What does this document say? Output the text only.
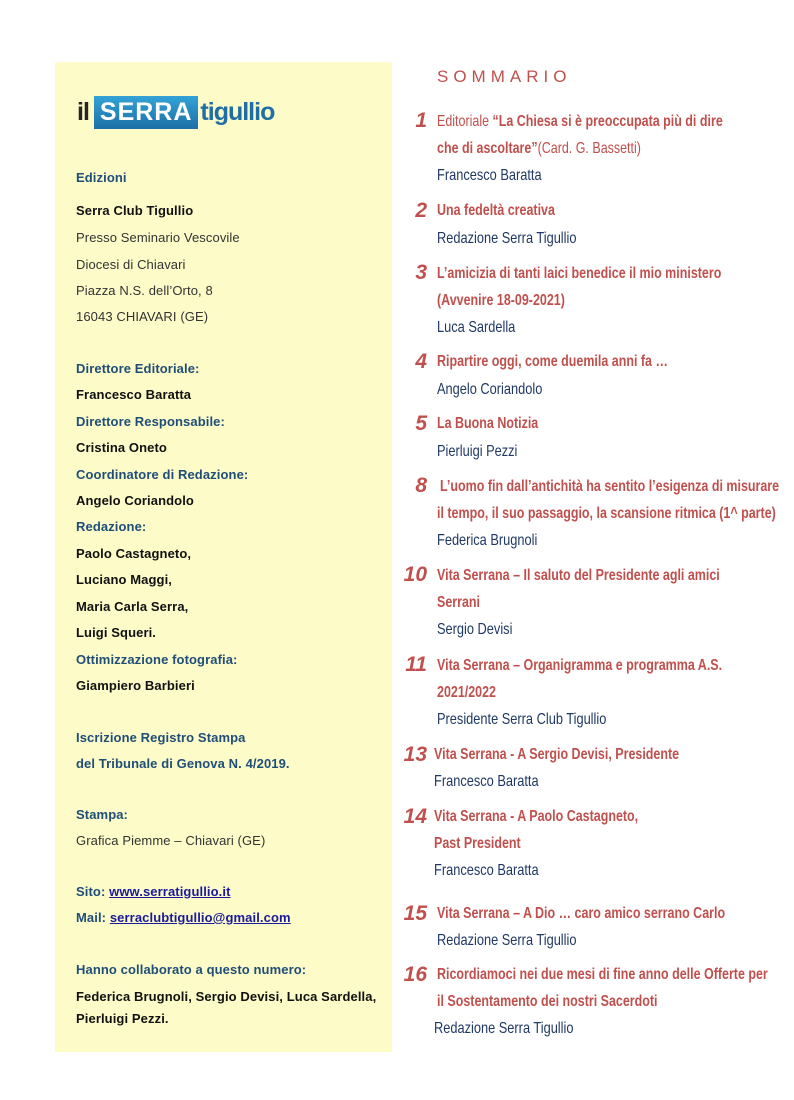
il SERRA tigullio
Edizioni
Serra Club Tigullio
Presso Seminario Vescovile
Diocesi di Chiavari
Piazza N.S. dell’Orto, 8
16043 CHIAVARI (GE)
Direttore Editoriale:
Francesco Baratta
Direttore Responsabile:
Cristina Oneto
Coordinatore di Redazione:
Angelo Coriandolo
Redazione:
Paolo Castagneto,
Luciano Maggi,
Maria Carla Serra,
Luigi Squeri.
Ottimizzazione fotografia:
Giampiero Barbieri
Iscrizione Registro Stampa
del Tribunale di Genova N. 4/2019.
Stampa:
Grafica Piemme – Chiavari (GE)
Sito: www.serratigullio.it
Mail: serraclubtigullio@gmail.com
Hanno collaborato a questo numero:
Federica Brugnoli, Sergio Devisi, Luca Sardella,
Pierluigi Pezzi.
SOMMARIO
1 Editoriale “La Chiesa si è preoccupata più di dire
che di ascoltare”(Card. G. Bassetti)
Francesco Baratta
2 Una fedeltà creativa
Redazione Serra Tigullio
3 L’amicizia di tanti laici benedice il mio ministero
(Avvenire 18-09-2021)
Luca Sardella
4 Ripartire oggi, come duemila anni fa …
Angelo Coriandolo
5 La Buona Notizia
Pierluigi Pezzi
8 L’uomo fin dall’antichità ha sentito l’esigenza di misurare
il tempo, il suo passaggio, la scansione ritmica (1^ parte)
Federica Brugnoli
10 Vita Serrana – Il saluto del Presidente agli amici
Serrani
Sergio Devisi
11 Vita Serrana – Organigramma e programma A.S.
2021/2022
Presidente Serra Club Tigullio
13 Vita Serrana - A Sergio Devisi, Presidente
Francesco Baratta
14 Vita Serrana - A Paolo Castagneto,
Past President
Francesco Baratta
15 Vita Serrana – A Dio … caro amico serrano Carlo
Redazione Serra Tigullio
16 Ricordiamoci nei due mesi di fine anno delle Offerte per
il Sostentamento dei nostri Sacerdoti
Redazione Serra Tigullio
